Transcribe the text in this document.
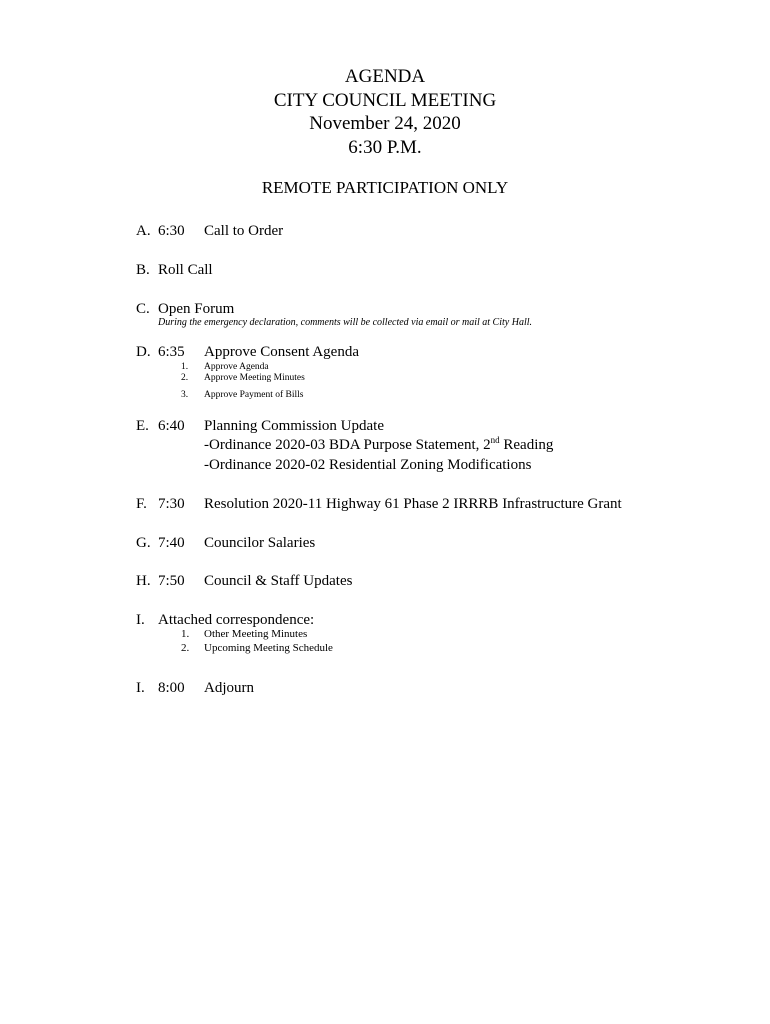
AGENDA
CITY COUNCIL MEETING
November 24, 2020
6:30 P.M.
REMOTE PARTICIPATION ONLY
A. 6:30 Call to Order
B. Roll Call
C. Open Forum
During the emergency declaration, comments will be collected via email or mail at City Hall.
D. 6:35 Approve Consent Agenda
1. Approve Agenda
2. Approve Meeting Minutes
3. Approve Payment of Bills
E. 6:40 Planning Commission Update
-Ordinance 2020-03 BDA Purpose Statement, 2nd Reading
-Ordinance 2020-02 Residential Zoning Modifications
F. 7:30 Resolution 2020-11 Highway 61 Phase 2 IRRRB Infrastructure Grant
G. 7:40 Councilor Salaries
H. 7:50 Council & Staff Updates
I. Attached correspondence:
1. Other Meeting Minutes
2. Upcoming Meeting Schedule
I. 8:00 Adjourn
